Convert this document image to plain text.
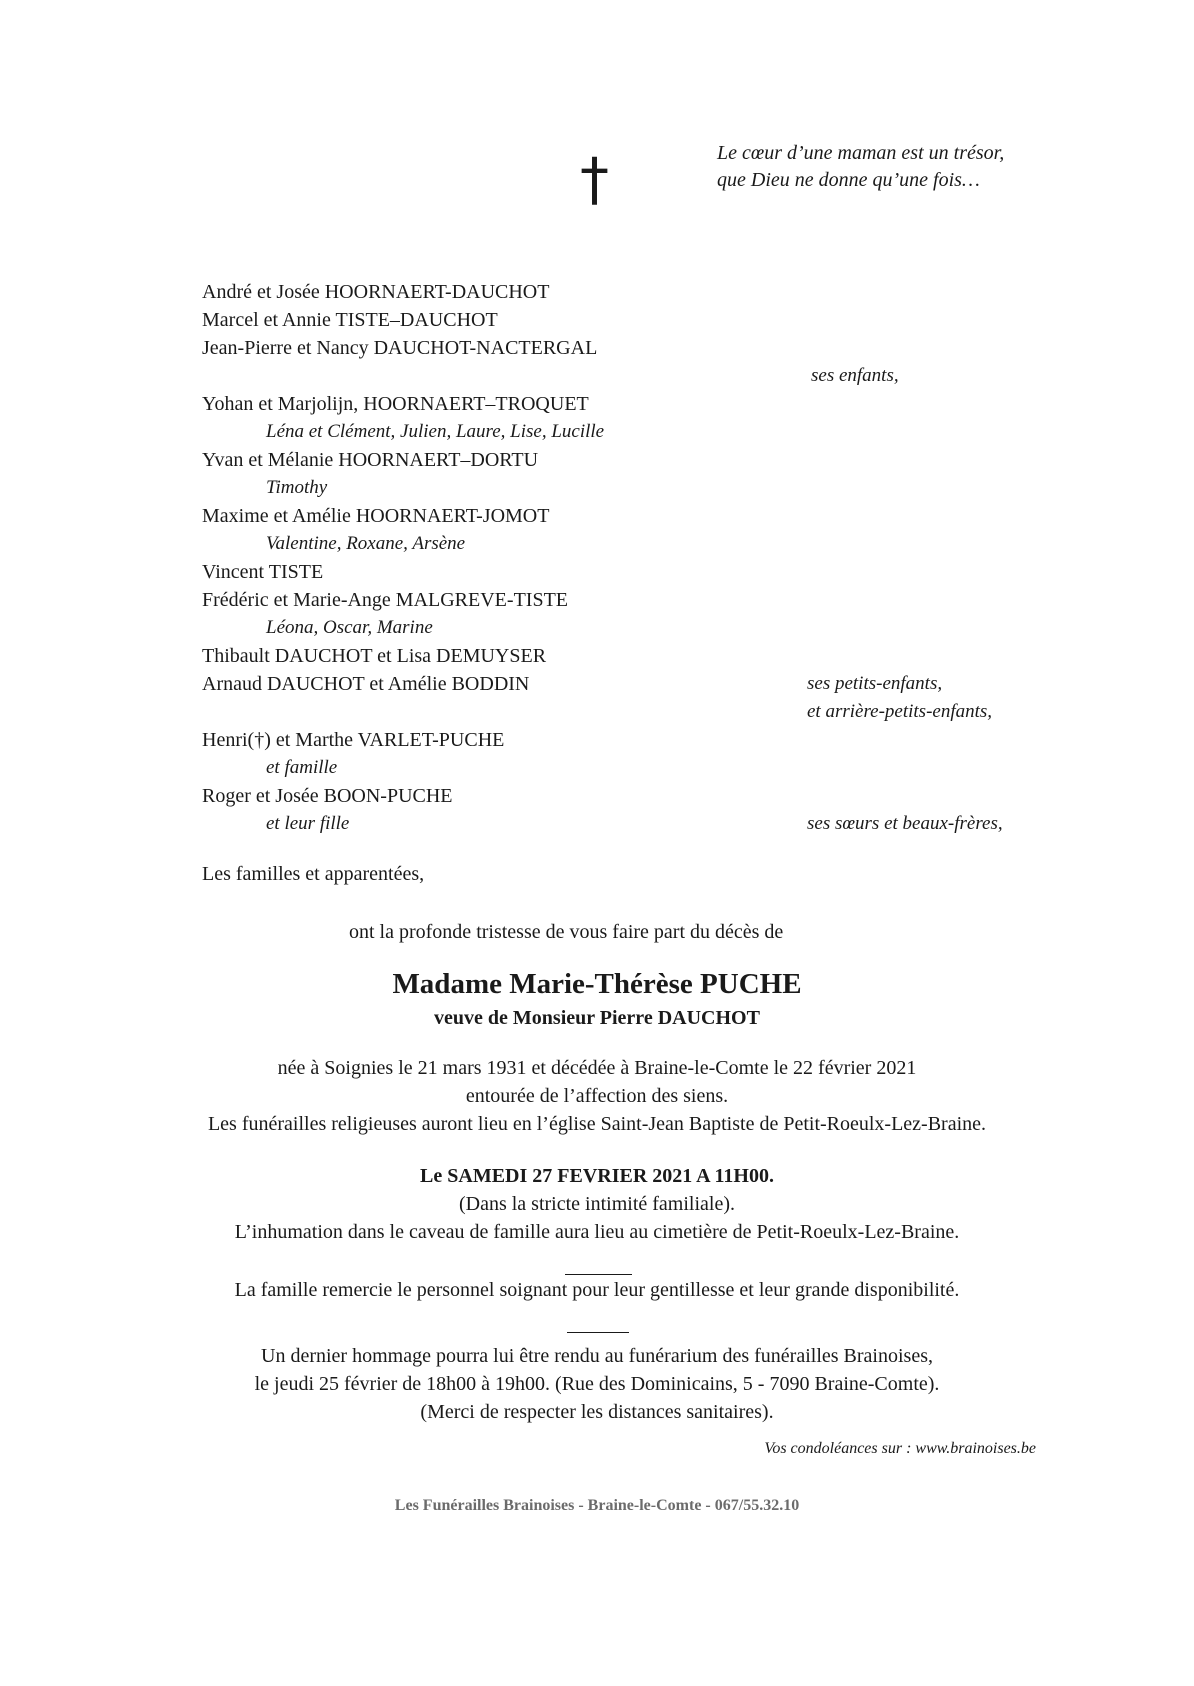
†	Le cœur d’une maman est un trésor,
que Dieu ne donne qu’une fois…
André et Josée HOORNAERT-DAUCHOT
Marcel et Annie TISTE–DAUCHOT
Jean-Pierre et Nancy DAUCHOT-NACTERGAL
ses enfants,
Yohan et Marjolijn, HOORNAERT–TROQUET
Léna et Clément, Julien, Laure, Lise, Lucille
Yvan et Mélanie HOORNAERT–DORTU
Timothy
Maxime et Amélie HOORNAERT-JOMOT
Valentine, Roxane, Arsène
Vincent TISTE
Frédéric et Marie-Ange MALGREVE-TISTE
Léona, Oscar, Marine
Thibault DAUCHOT et Lisa DEMUYSER
Arnaud DAUCHOT et Amélie BODDIN	ses petits-enfants,
et arrière-petits-enfants,
Henri(†) et Marthe VARLET-PUCHE
et famille
Roger et Josée BOON-PUCHE
et leur fille	ses sœurs et beaux-frères,
Les familles et apparentées,
ont la profonde tristesse de vous faire part du décès de
Madame Marie-Thérèse PUCHE
veuve de Monsieur Pierre DAUCHOT
née à Soignies le 21 mars 1931 et décédée à Braine-le-Comte le 22 février 2021
entourée de l’affection des siens.
Les funérailles religieuses auront lieu en l’église Saint-Jean Baptiste de Petit-Roeulx-Lez-Braine.
Le SAMEDI 27 FEVRIER 2021 A 11H00.
(Dans la stricte intimité familiale).
L’inhumation dans le caveau de famille aura lieu au cimetière de Petit-Roeulx-Lez-Braine.
La famille remercie le personnel soignant pour leur gentillesse et leur grande disponibilité.
Un dernier hommage pourra lui être rendu au funérarium des funérailles Brainoises,
le jeudi 25 février de 18h00 à 19h00. (Rue des Dominicains, 5 - 7090 Braine-Comte).
(Merci de respecter les distances sanitaires).
Vos condoléances sur : www.brainoises.be
Les Funérailles Brainoises - Braine-le-Comte - 067/55.32.10
